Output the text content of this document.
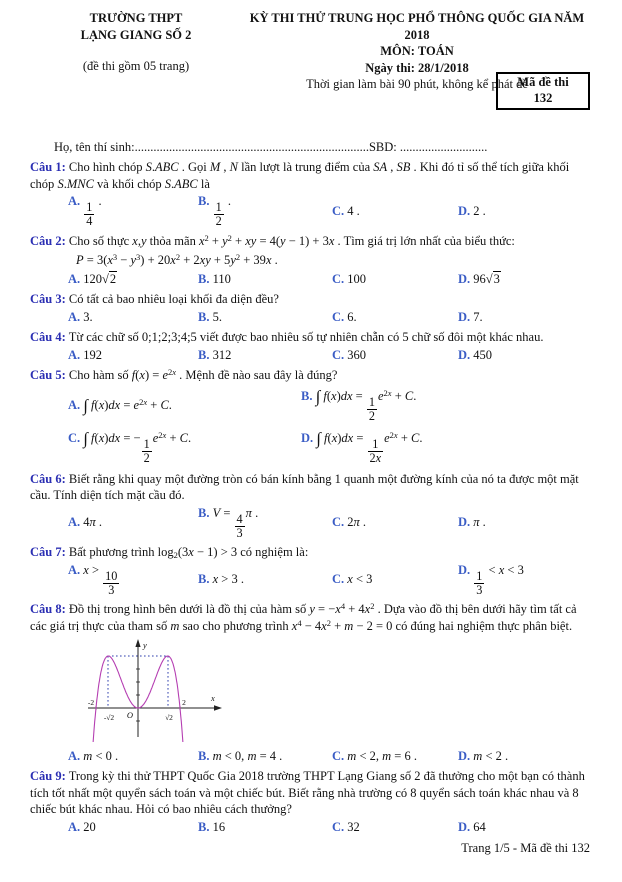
TRƯỜNG THPT
LẠNG GIANG SỐ 2
(đề thi gồm 05 trang)
KỲ THI THỬ TRUNG HỌC PHỔ THÔNG QUỐC GIA NĂM 2018
MÔN: TOÁN
Ngày thi: 28/1/2018
Thời gian làm bài 90 phút, không kể phát đề
Mã đề thi
132
Họ, tên thí sinh:...........................................................................SBD: ............................

Câu 1: Cho hình chóp S.ABC . Gọi M , N lần lượt là trung điểm của SA , SB . Khi đó tỉ số thể tích giữa khối chóp S.MNC và khối chóp S.ABC là

A.
$\frac{1}{4}$
.	B.
$\frac{1}{2}$
.
C. 4 .	D. 2 .

Câu 2: Cho số thực x,y thỏa mãn $x^2 + y^2$ + xy = 4(y − 1) + 3x . Tìm giá trị lớn nhất của biểu thức:

$P = 3(x^3 - y^3) + 20x^2 + 2xy + 5y^2 + 39x$ .

A. 120√2	B. 110	C. 100	D. 96√3

Câu 3: Có tất cả bao nhiêu loại khối đa diện đều?

A. 3.	B. 5.	C. 6.	D. 7.

Câu 4: Từ các chữ số 0;1;2;3;4;5 viết được bao nhiêu số tự nhiên chẵn có 5 chữ số đôi một khác nhau.

A. 192	B. 312	C. 360	D. 450

Câu 5: Cho hàm số $f(x) = e^{2x}$ . Mệnh đề nào sau đây là đúng?

A. ∫ $f(x)dx = e^{2x} + C$.
B. ∫ f(x)dx =
$\frac{1}{2}$
$e^{2x} + C$.
C. ∫ f(x)dx = −
$\frac{1}{2}$
$e^{2x} + C$.	D. ∫ f(x)dx =
$\frac{1}{2x}$
$e^{2x} + C$.

Câu 6: Biết rằng khi quay một đường tròn có bán kính bằng 1 quanh một đường kính của nó ta được một mặt cầu. Tính diện tích mặt cầu đó.

A. 4π .
B. V =
$\frac{4}{3}$
π .
C. 2π .	D. π .

Câu 7: Bất phương trình $\log_2(3x - 1) > 3$ có nghiệm là:

A. x >
$\frac{10}{3}$	B. x > 3 .	C. x < 3
D.
$\frac{1}{3}$
< x < 3

Câu 8: Đồ thị trong hình bên dưới là đồ thị của hàm số $y = -x^4 + 4x^2$ . Dựa vào đồ thị bên dưới hãy tìm tất cả các giá trị thực của tham số m sao cho phương trình $x^4 - 4x^2 + m - 2 = 0$ có đúng hai nghiệm thực phân biệt.

y
x
O
-2
-√2	√2
2
A. m < 0 .	B. m < 0, m = 4 .	C. m < 2, m = 6 .	D. m < 2 .

Câu 9: Trong kỳ thi thử THPT Quốc Gia 2018 trường THPT Lạng Giang số 2 đã thưởng cho một bạn có thành tích tốt nhất một quyển sách toán và một chiếc bút. Biết rằng nhà trường có 8 quyển sách toán khác nhau và 8 chiếc bút khác nhau. Hỏi có bao nhiêu cách thưởng?

A. 20	B. 16	C. 32	D. 64
Trang 1/5 - Mã đề thi 132
